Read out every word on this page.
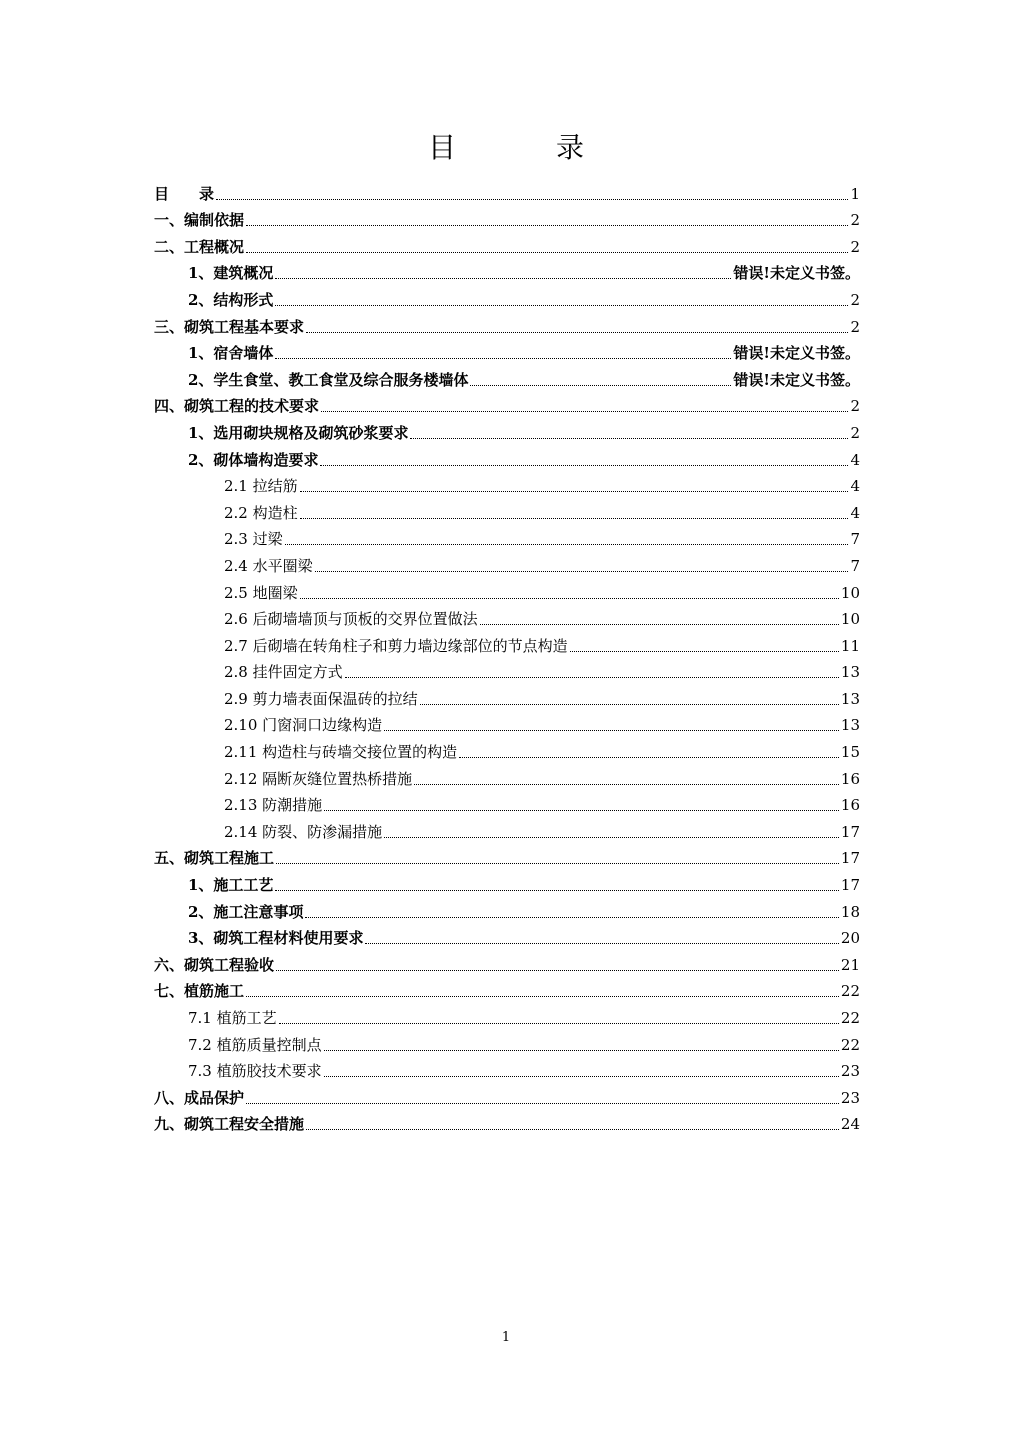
目　录
目　　录	1
一、编制依据	2
二、工程概况	2
1、建筑概况	错误!未定义书签。
2、结构形式	2
三、砌筑工程基本要求	2
1、宿舍墙体	错误!未定义书签。
2、学生食堂、教工食堂及综合服务楼墙体	错误!未定义书签。
四、砌筑工程的技术要求	2
1、选用砌块规格及砌筑砂浆要求	2
2、砌体墙构造要求	4
2.1 拉结筋	4
2.2 构造柱	4
2.3 过梁	7
2.4 水平圈梁	7
2.5 地圈梁	10
2.6 后砌墙墙顶与顶板的交界位置做法	10
2.7 后砌墙在转角柱子和剪力墙边缘部位的节点构造	11
2.8 挂件固定方式	13
2.9 剪力墙表面保温砖的拉结	13
2.10 门窗洞口边缘构造	13
2.11 构造柱与砖墙交接位置的构造	15
2.12 隔断灰缝位置热桥措施	16
2.13 防潮措施	16
2.14 防裂、防渗漏措施	17
五、砌筑工程施工	17
1、施工工艺	17
2、施工注意事项	18
3、砌筑工程材料使用要求	20
六、砌筑工程验收	21
七、植筋施工	22
7.1 植筋工艺	22
7.2 植筋质量控制点	22
7.3 植筋胶技术要求	23
八、成品保护	23
九、砌筑工程安全措施	24
1
